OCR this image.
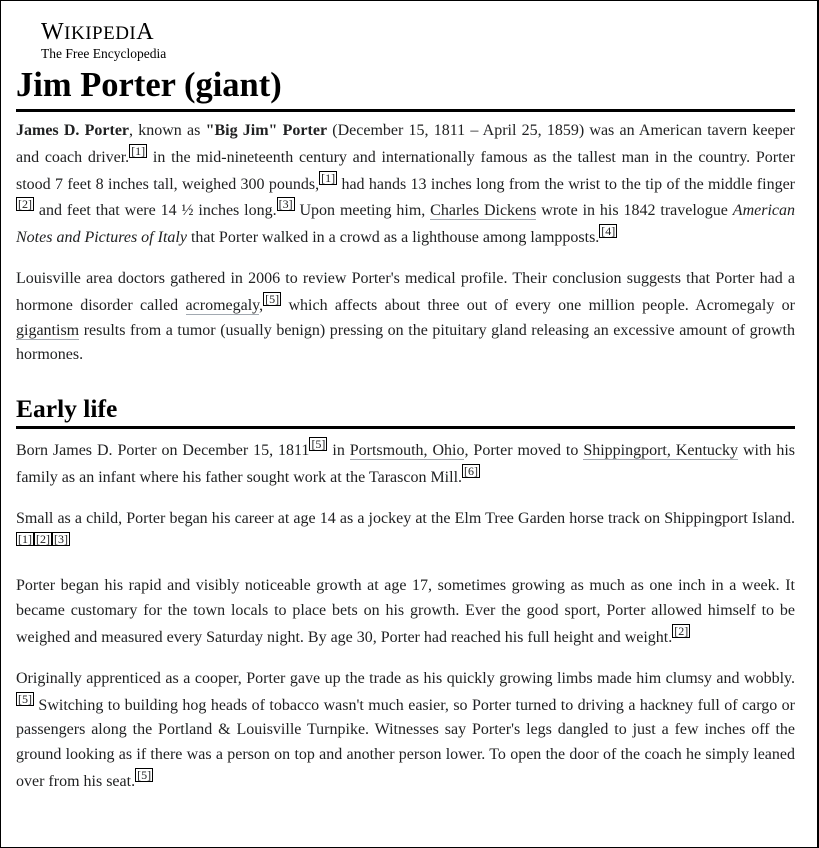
WIKIPEDIA
The Free Encyclopedia
Jim Porter (giant)

James D. Porter, known as "Big Jim" Porter (December 15, 1811 – April 25, 1859) was an American tavern keeper and coach driver. [1] in the mid-nineteenth century and internationally famous as the tallest man in the country. Porter stood 7 feet 8 inches tall, weighed 300 pounds, [1] had hands 13 inches long from the wrist to the tip of the middle finger[2] and feet that were 14 ½ inches long. [3] Upon meeting him, Charles Dickens wrote in his 1842 travelogue American Notes and Pictures of Italy that Porter walked in a crowd as a lighthouse among lampposts. [4]

Louisville area doctors gathered in 2006 to review Porter's medical profile. Their conclusion suggests that Porter had a hormone disorder called acromegaly, [5] which affects about three out of every one million people. Acromegaly or gigantism results from a tumor (usually benign) pressing on the pituitary gland releasing an excessive amount of growth hormones.

Early life

Born James D. Porter on December 15, 1811 [5] in Portsmouth, Ohio, Porter moved to Shippingport, Kentucky with his family as an infant where his father sought work at the Tarascon Mill. [6]

Small as a child, Porter began his career at age 14 as a jockey at the Elm Tree Garden horse track on Shippingport Island.[1] [2] [3]

Porter began his rapid and visibly noticeable growth at age 17, sometimes growing as much as one inch in a week. It became customary for the town locals to place bets on his growth. Ever the good sport, Porter allowed himself to be weighed and measured every Saturday night. By age 30, Porter had reached his full height and weight. [2]

Originally apprenticed as a cooper, Porter gave up the trade as his quickly growing limbs made him clumsy and wobbly.[5] Switching to building hog heads of tobacco wasn't much easier, so Porter turned to driving a hackney full of cargo or passengers along the Portland & Louisville Turnpike. Witnesses say Porter's legs dangled to just a few inches off the ground looking as if there was a person on top and another person lower. To open the door of the coach he simply leaned over from his seat. [5]
